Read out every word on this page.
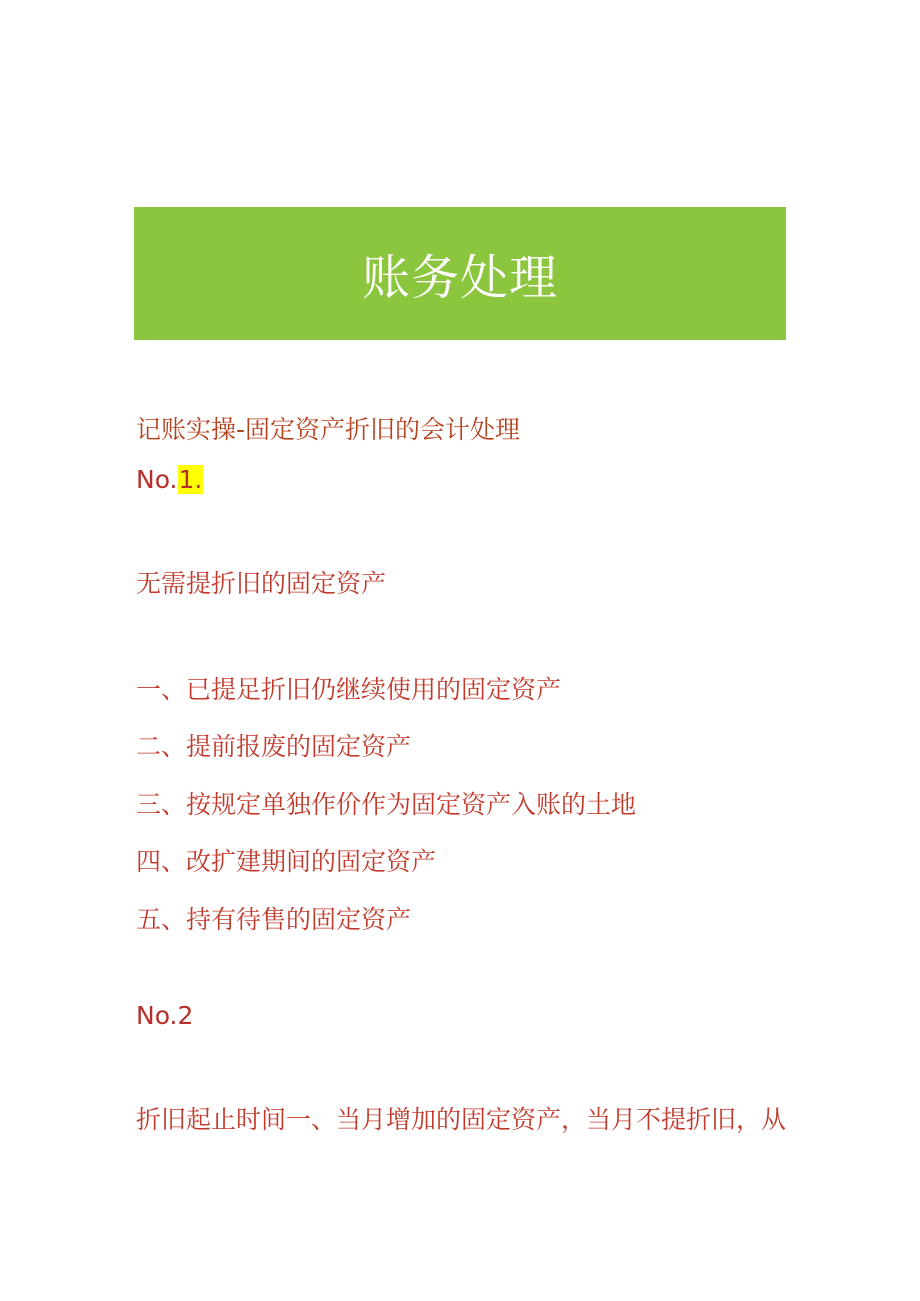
账务处理
记账实操-固定资产折旧的会计处理
No.1.
无需提折旧的固定资产
一、已提足折旧仍继续使用的固定资产
二、提前报废的固定资产
三、按规定单独作价作为固定资产入账的土地
四、改扩建期间的固定资产
五、持有待售的固定资产
No.2
折旧起止时间一、当月增加的固定资产，当月不提折旧，从
